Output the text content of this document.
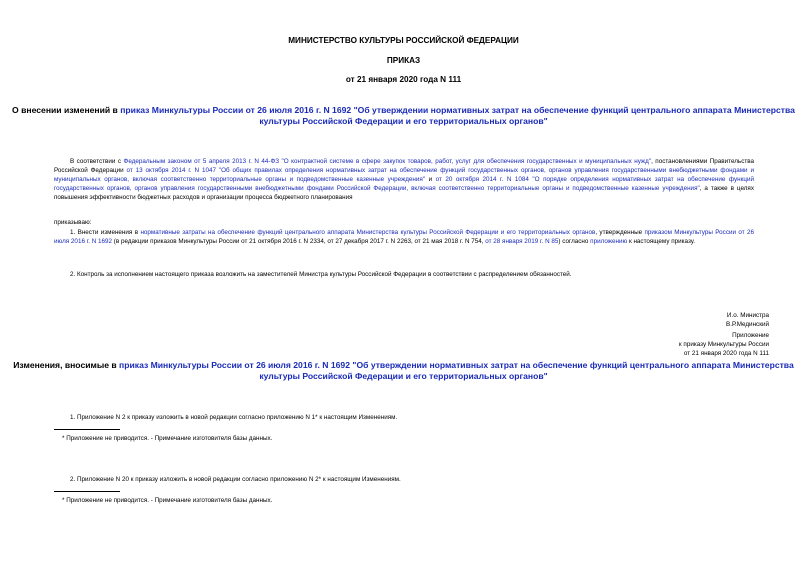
МИНИСТЕРСТВО КУЛЬТУРЫ РОССИЙСКОЙ ФЕДЕРАЦИИ
ПРИКАЗ
от 21 января 2020 года N 111
О внесении изменений в приказ Минкультуры России от 26 июля 2016 г. N 1692 "Об утверждении нормативных затрат на обеспечение функций центрального аппарата Министерства культуры Российской Федерации и его территориальных органов"
В соответствии с Федеральным законом от 5 апреля 2013 г. N 44-ФЗ "О контрактной системе в сфере закупок товаров, работ, услуг для обеспечения государственных и муниципальных нужд", постановлениями Правительства Российской Федерации от 13 октября 2014 г. N 1047 "Об общих правилах определения нормативных затрат на обеспечение функций государственных органов, органов управления государственными внебюджетными фондами и муниципальных органов, включая соответственно территориальные органы и подведомственные казенные учреждения" и от 20 октября 2014 г. N 1084 "О порядке определения нормативных затрат на обеспечение функций государственных органов, органов управления государственными внебюджетными фондами Российской Федерации, включая соответственно территориальные органы и подведомственные казенные учреждения", а также в целях повышения эффективности бюджетных расходов и организации процесса бюджетного планирования
приказываю:
1. Внести изменения в нормативные затраты на обеспечение функций центрального аппарата Министерства культуры Российской Федерации и его территориальных органов, утвержденные приказом Минкультуры России от 26 июля 2016 г. N 1692 (в редакции приказов Минкультуры России от 21 октября 2016 г. N 2334, от 27 декабря 2017 г. N 2263, от 21 мая 2018 г. N 754, от 28 января 2019 г. N 85) согласно приложению к настоящему приказу.
2. Контроль за исполнением настоящего приказа возложить на заместителей Министра культуры Российской Федерации в соответствии с распределением обязанностей.
И.о. Министра
В.Р.Мединский
Приложение
к приказу Минкультуры России
от 21 января 2020 года N 111
Изменения, вносимые в приказ Минкультуры России от 26 июля 2016 г. N 1692 "Об утверждении нормативных затрат на обеспечение функций центрального аппарата Министерства культуры Российской Федерации и его территориальных органов"
1. Приложение N 2 к приказу изложить в новой редакции согласно приложению N 1* к настоящим Изменениям.
* Приложение не приводится. - Примечание изготовителя базы данных.
2. Приложение N 20 к приказу изложить в новой редакции согласно приложению N 2* к настоящим Изменениям.
* Приложение не приводится. - Примечание изготовителя базы данных.
